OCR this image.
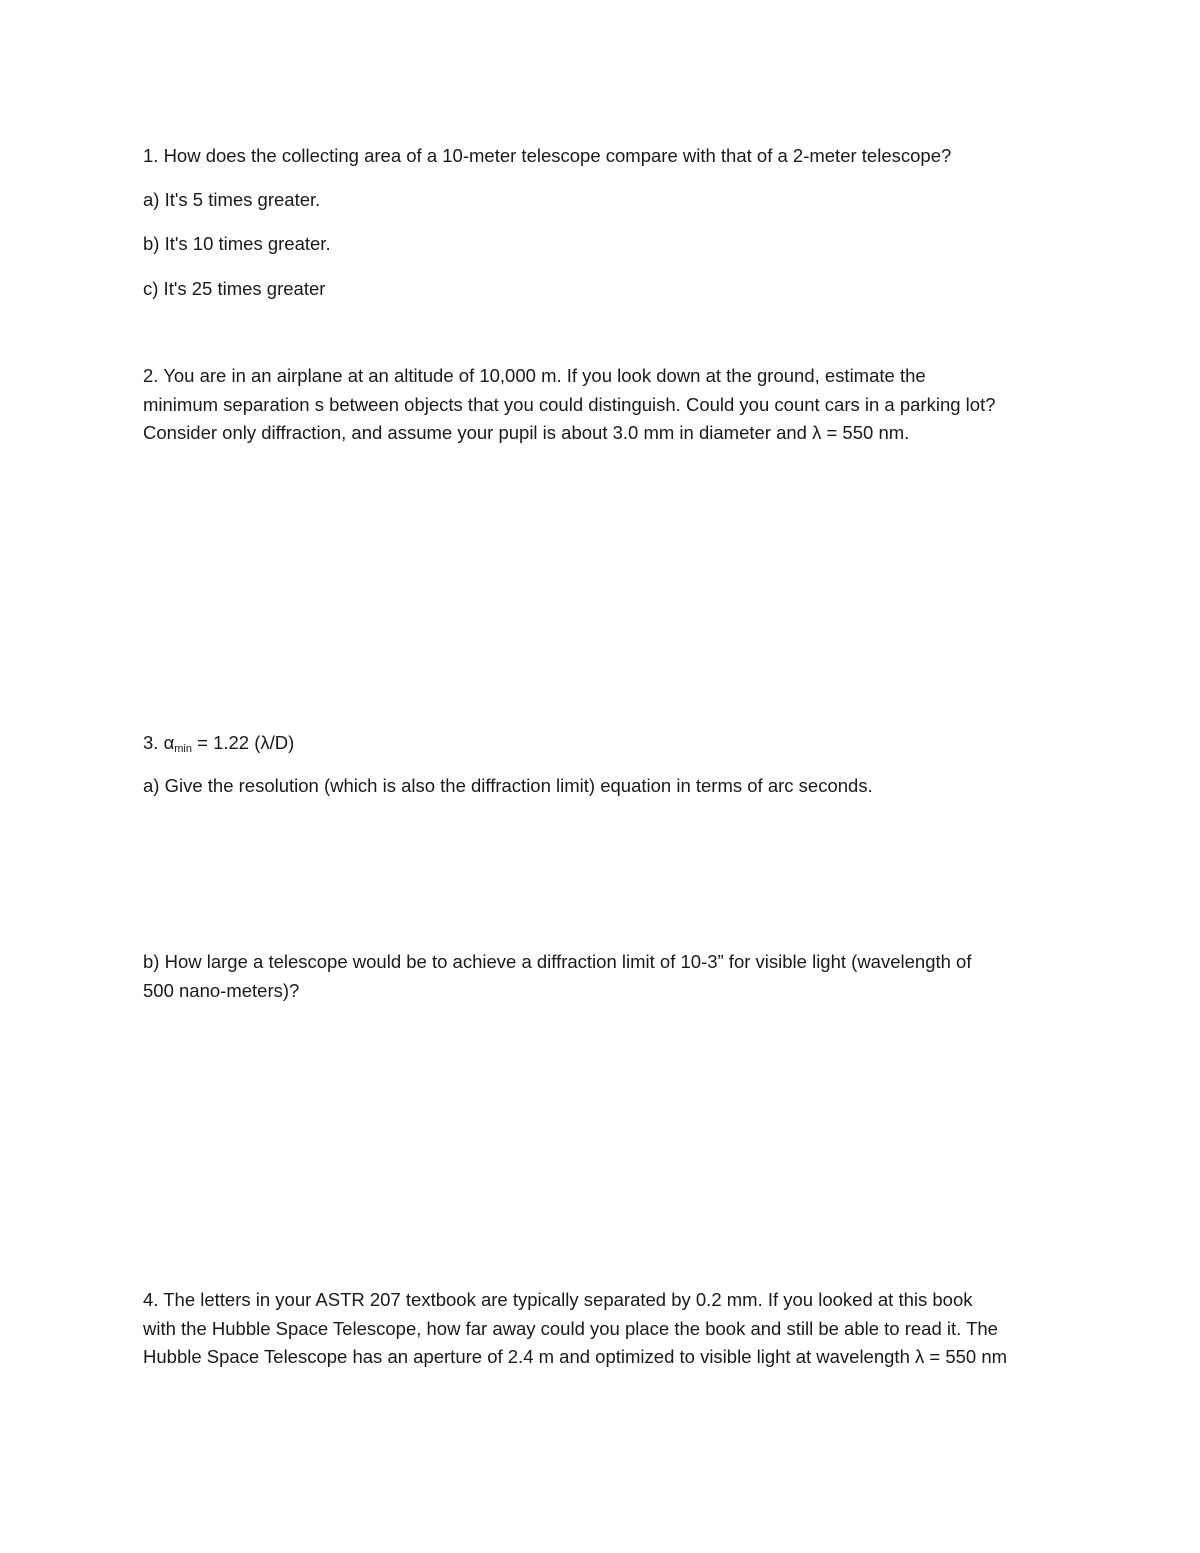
1. How does the collecting area of a 10-meter telescope compare with that of a 2-meter telescope?

a) It's 5 times greater.

b) It's 10 times greater.

c) It's 25 times greater

2. You are in an airplane at an altitude of 10,000 m. If you look down at the ground, estimate the
minimum separation s between objects that you could distinguish. Could you count cars in a parking lot?
Consider only diffraction, and assume your pupil is about 3.0 mm in diameter and λ = 550 nm.

3. $\alpha_{min} = 1.22$ (λ/D)

a) Give the resolution (which is also the diffraction limit) equation in terms of arc seconds.

b) How large a telescope would be to achieve a diffraction limit of 10-3” for visible light (wavelength of
500 nano-meters)?
4. The letters in your ASTR 207 textbook are typically separated by 0.2 mm. If you looked at this book
with the Hubble Space Telescope, how far away could you place the book and still be able to read it. The
Hubble Space Telescope has an aperture of 2.4 m and optimized to visible light at wavelength λ = 550 nm
